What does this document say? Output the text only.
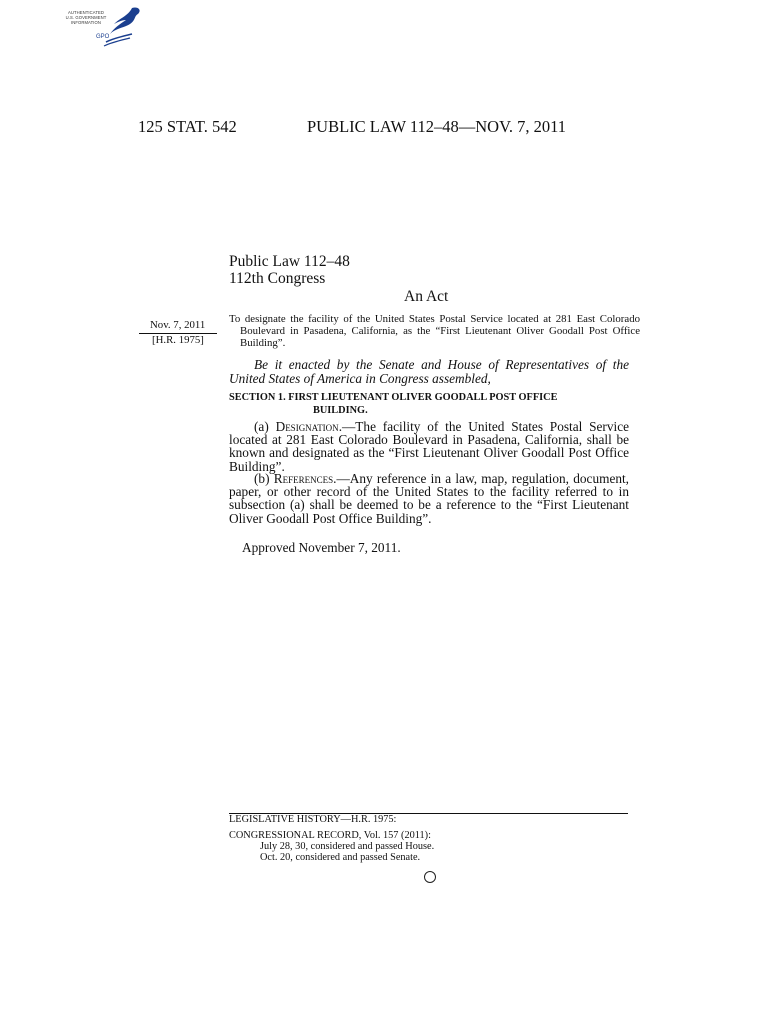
AUTHENTICATED
U.S. GOVERNMENT
INFORMATION
GPO
125 STAT. 542	PUBLIC LAW 112–48—NOV. 7, 2011
Public Law 112–48
112th Congress
An Act
Nov. 7, 2011
[H.R. 1975]
To designate the facility of the United States Postal Service located at 281 East Colorado Boulevard in Pasadena, California, as the “First Lieutenant Oliver Goodall Post Office Building”.
Be it enacted by the Senate and House of Representatives of the United States of America in Congress assembled,
SECTION 1. FIRST LIEUTENANT OLIVER GOODALL POST OFFICE
BUILDING.
(a) Designation.—The facility of the United States Postal Service located at 281 East Colorado Boulevard in Pasadena, California, shall be known and designated as the “First Lieutenant Oliver Goodall Post Office Building”.
(b) References.—Any reference in a law, map, regulation, document, paper, or other record of the United States to the facility referred to in subsection (a) shall be deemed to be a reference to the “First Lieutenant Oliver Goodall Post Office Building”.
Approved November 7, 2011.
LEGISLATIVE HISTORY—H.R. 1975:
CONGRESSIONAL RECORD, Vol. 157 (2011):
July 28, 30, considered and passed House.
Oct. 20, considered and passed Senate.
